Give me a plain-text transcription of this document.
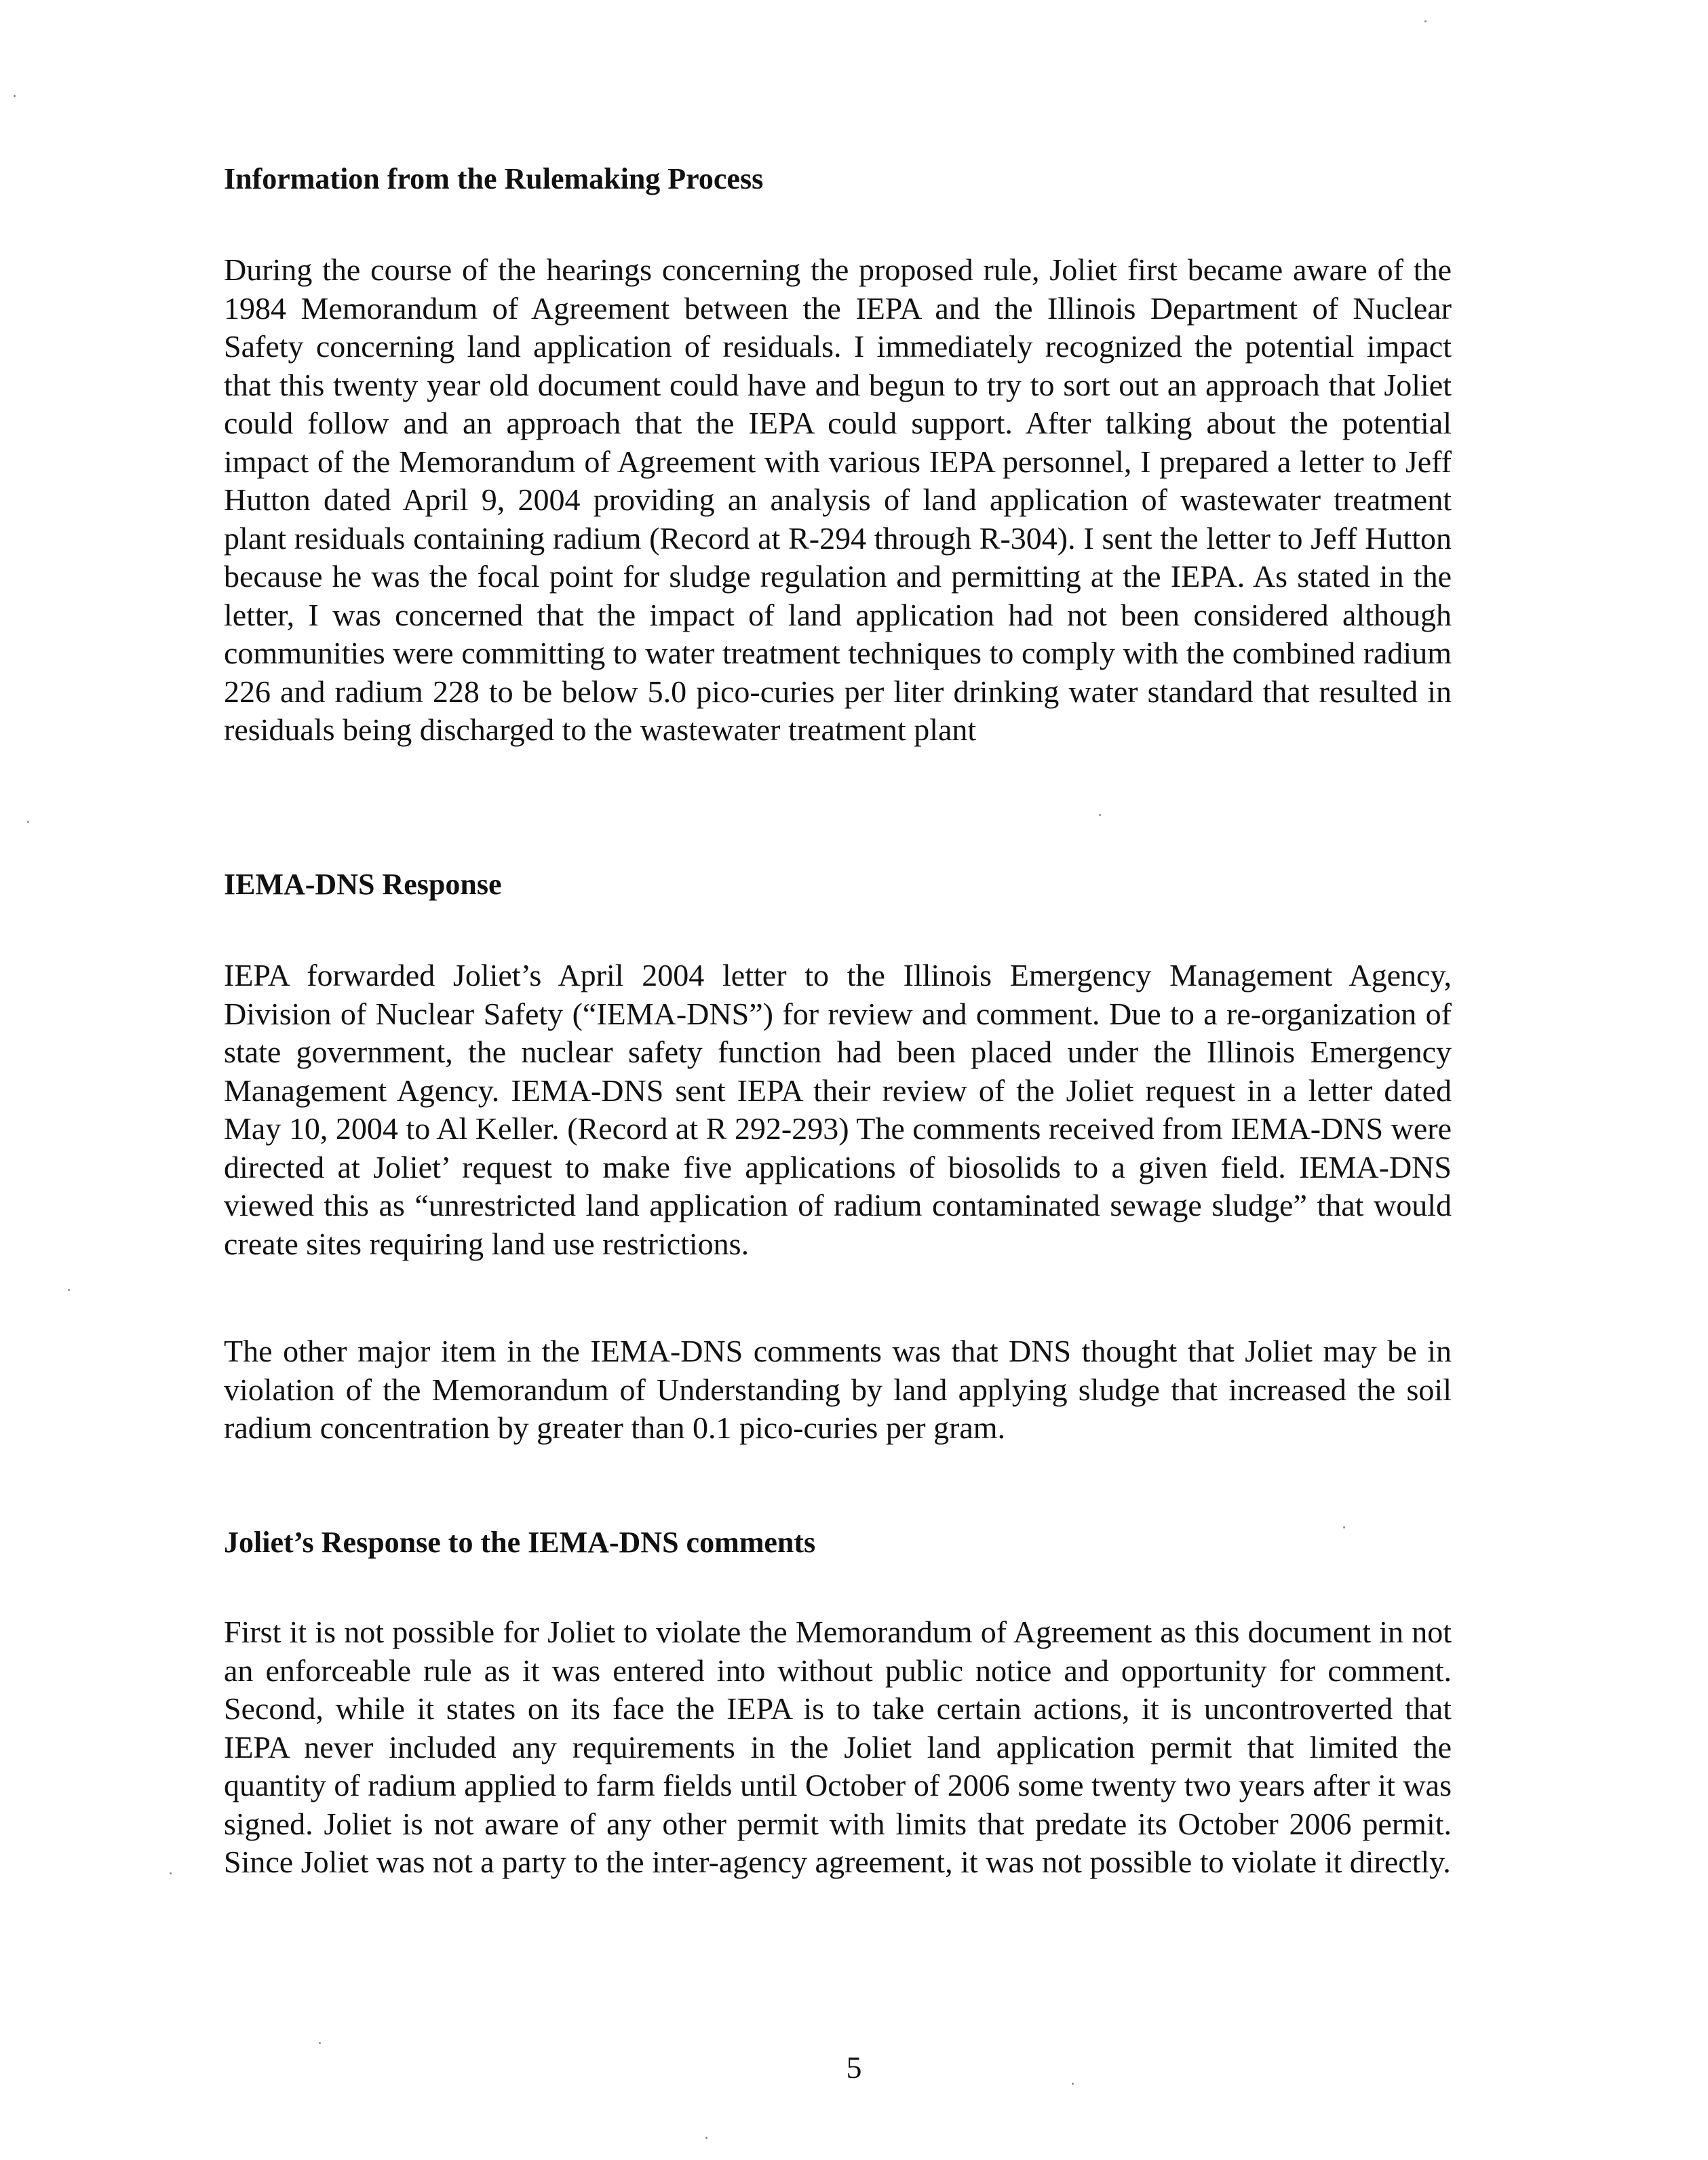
Information from the Rulemaking Process

During the course of the hearings concerning the proposed rule, Joliet first became aware of the 1984 Memorandum of Agreement between the IEPA and the Illinois Department of Nuclear Safety concerning land application of residuals. I immediately recognized the potential impact that this twenty year old document could have and begun to try to sort out an approach that Joliet could follow and an approach that the IEPA could support. After talking about the potential impact of the Memorandum of Agreement with various IEPA personnel, I prepared a letter to Jeff Hutton dated April 9, 2004 providing an analysis of land application of wastewater treatment plant residuals containing radium (Record at R-294 through R-304). I sent the letter to Jeff Hutton because he was the focal point for sludge regulation and permitting at the IEPA. As stated in the letter, I was concerned that the impact of land application had not been considered although communities were committing to water treatment techniques to comply with the combined radium 226 and radium 228 to be below 5.0 pico-curies per liter drinking water standard that resulted in residuals being discharged to the wastewater treatment plant

IEMA-DNS Response

IEPA forwarded Joliet’s April 2004 letter to the Illinois Emergency Management Agency, Division of Nuclear Safety (“IEMA-DNS”) for review and comment. Due to a re-organization of state government, the nuclear safety function had been placed under the Illinois Emergency Management Agency. IEMA-DNS sent IEPA their review of the Joliet request in a letter dated May 10, 2004 to Al Keller. (Record at R 292-293) The comments received from IEMA-DNS were directed at Joliet’ request to make five applications of biosolids to a given field. IEMA-DNS viewed this as “unrestricted land application of radium contaminated sewage sludge” that would create sites requiring land use restrictions.

The other major item in the IEMA-DNS comments was that DNS thought that Joliet may be in violation of the Memorandum of Understanding by land applying sludge that increased the soil radium concentration by greater than 0.1 pico-curies per gram.

Joliet’s Response to the IEMA-DNS comments

First it is not possible for Joliet to violate the Memorandum of Agreement as this document in not an enforceable rule as it was entered into without public notice and opportunity for comment. Second, while it states on its face the IEPA is to take certain actions, it is uncontroverted that IEPA never included any requirements in the Joliet land application permit that limited the quantity of radium applied to farm fields until October of 2006 some twenty two years after it was signed. Joliet is not aware of any other permit with limits that predate its October 2006 permit. Since Joliet was not a party to the inter-agency agreement, it was not possible to violate it directly.

5
